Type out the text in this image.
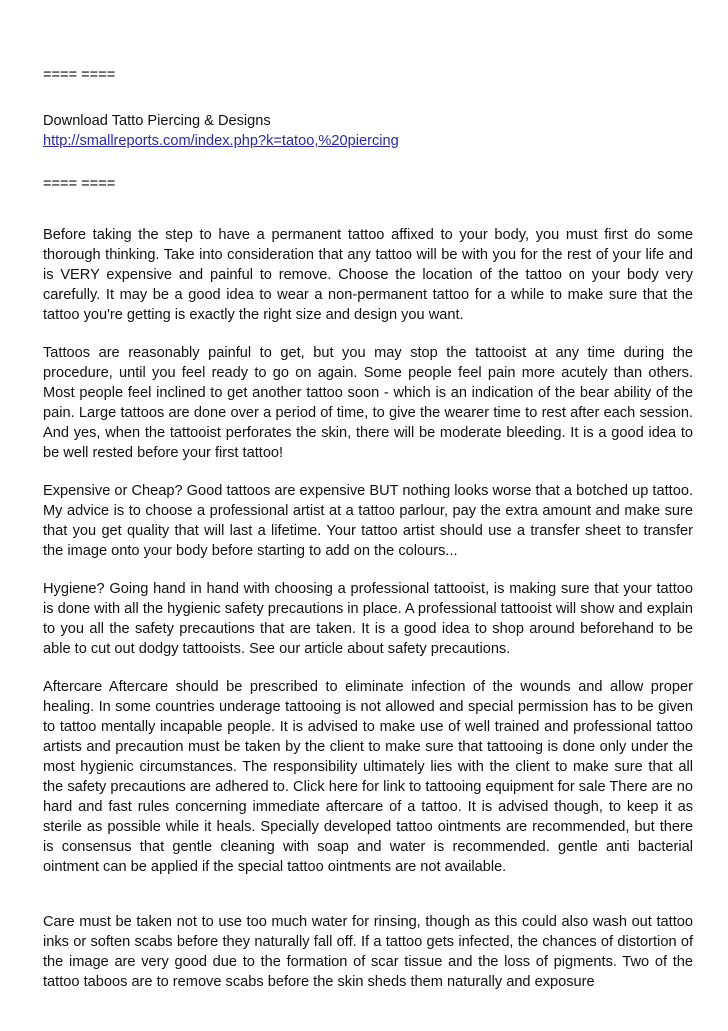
==== ====
Download Tatto Piercing & Designs
http://smallreports.com/index.php?k=tatoo,%20piercing
==== ====

Before taking the step to have a permanent tattoo affixed to your body, you must first do some thorough thinking. Take into consideration that any tattoo will be with you for the rest of your life and is VERY expensive and painful to remove. Choose the location of the tattoo on your body very carefully. It may be a good idea to wear a non-permanent tattoo for a while to make sure that the tattoo you're getting is exactly the right size and design you want.

Tattoos are reasonably painful to get, but you may stop the tattooist at any time during the procedure, until you feel ready to go on again. Some people feel pain more acutely than others. Most people feel inclined to get another tattoo soon - which is an indication of the bear ability of the pain. Large tattoos are done over a period of time, to give the wearer time to rest after each session. And yes, when the tattooist perforates the skin, there will be moderate bleeding. It is a good idea to be well rested before your first tattoo!

Expensive or Cheap? Good tattoos are expensive BUT nothing looks worse that a botched up tattoo. My advice is to choose a professional artist at a tattoo parlour, pay the extra amount and make sure that you get quality that will last a lifetime. Your tattoo artist should use a transfer sheet to transfer the image onto your body before starting to add on the colours...

Hygiene? Going hand in hand with choosing a professional tattooist, is making sure that your tattoo is done with all the hygienic safety precautions in place. A professional tattooist will show and explain to you all the safety precautions that are taken. It is a good idea to shop around beforehand to be able to cut out dodgy tattooists. See our article about safety precautions.

Aftercare Aftercare should be prescribed to eliminate infection of the wounds and allow proper healing. In some countries underage tattooing is not allowed and special permission has to be given to tattoo mentally incapable people. It is advised to make use of well trained and professional tattoo artists and precaution must be taken by the client to make sure that tattooing is done only under the most hygienic circumstances. The responsibility ultimately lies with the client to make sure that all the safety precautions are adhered to. Click here for link to tattooing equipment for sale There are no hard and fast rules concerning immediate aftercare of a tattoo. It is advised though, to keep it as sterile as possible while it heals. Specially developed tattoo ointments are recommended, but there is consensus that gentle cleaning with soap and water is recommended. gentle anti bacterial ointment can be applied if the special tattoo ointments are not available.

Care must be taken not to use too much water for rinsing, though as this could also wash out tattoo inks or soften scabs before they naturally fall off. If a tattoo gets infected, the chances of distortion of the image are very good due to the formation of scar tissue and the loss of pigments. Two of the tattoo taboos are to remove scabs before the skin sheds them naturally and exposure
